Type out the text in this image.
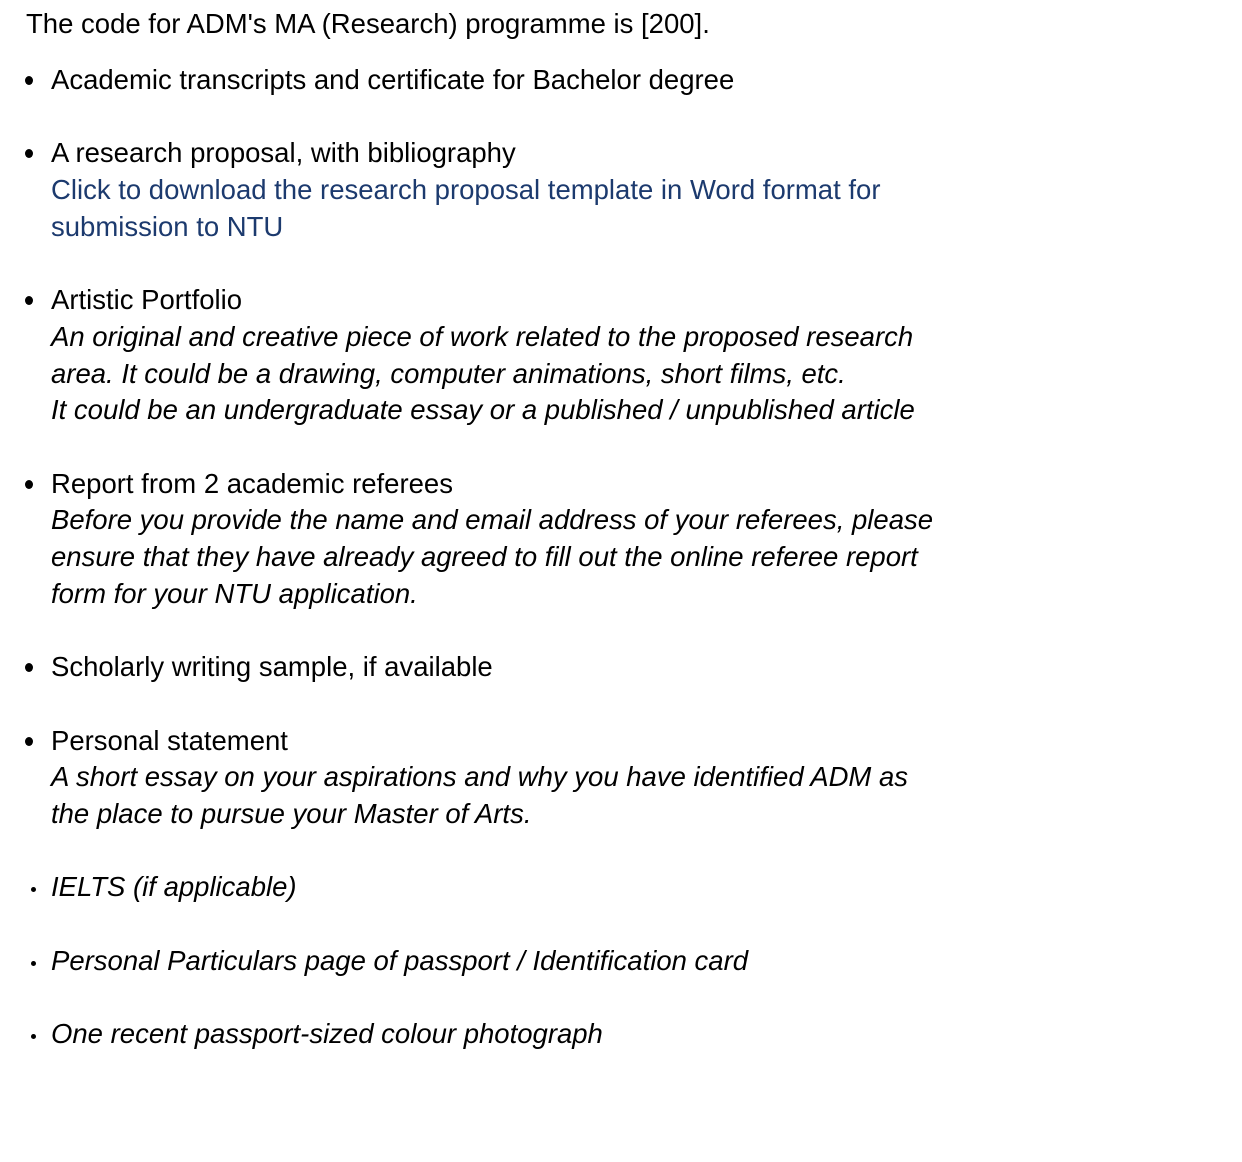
The code for ADM's MA (Research) programme is [200].

Academic transcripts and certificate for Bachelor degree
A research proposal, with bibliography
Click to download the research proposal template in Word format for submission to NTU
Artistic Portfolio
An original and creative piece of work related to the proposed research area. It could be a drawing, computer animations, short films, etc.
It could be an undergraduate essay or a published / unpublished article
Report from 2 academic referees
Before you provide the name and email address of your referees, please ensure that they have already agreed to fill out the online referee report form for your NTU application.
Scholarly writing sample, if available
Personal statement
A short essay on your aspirations and why you have identified ADM as the place to pursue your Master of Arts.
IELTS (if applicable)
Personal Particulars page of passport / Identification card
One recent passport-sized colour photograph
